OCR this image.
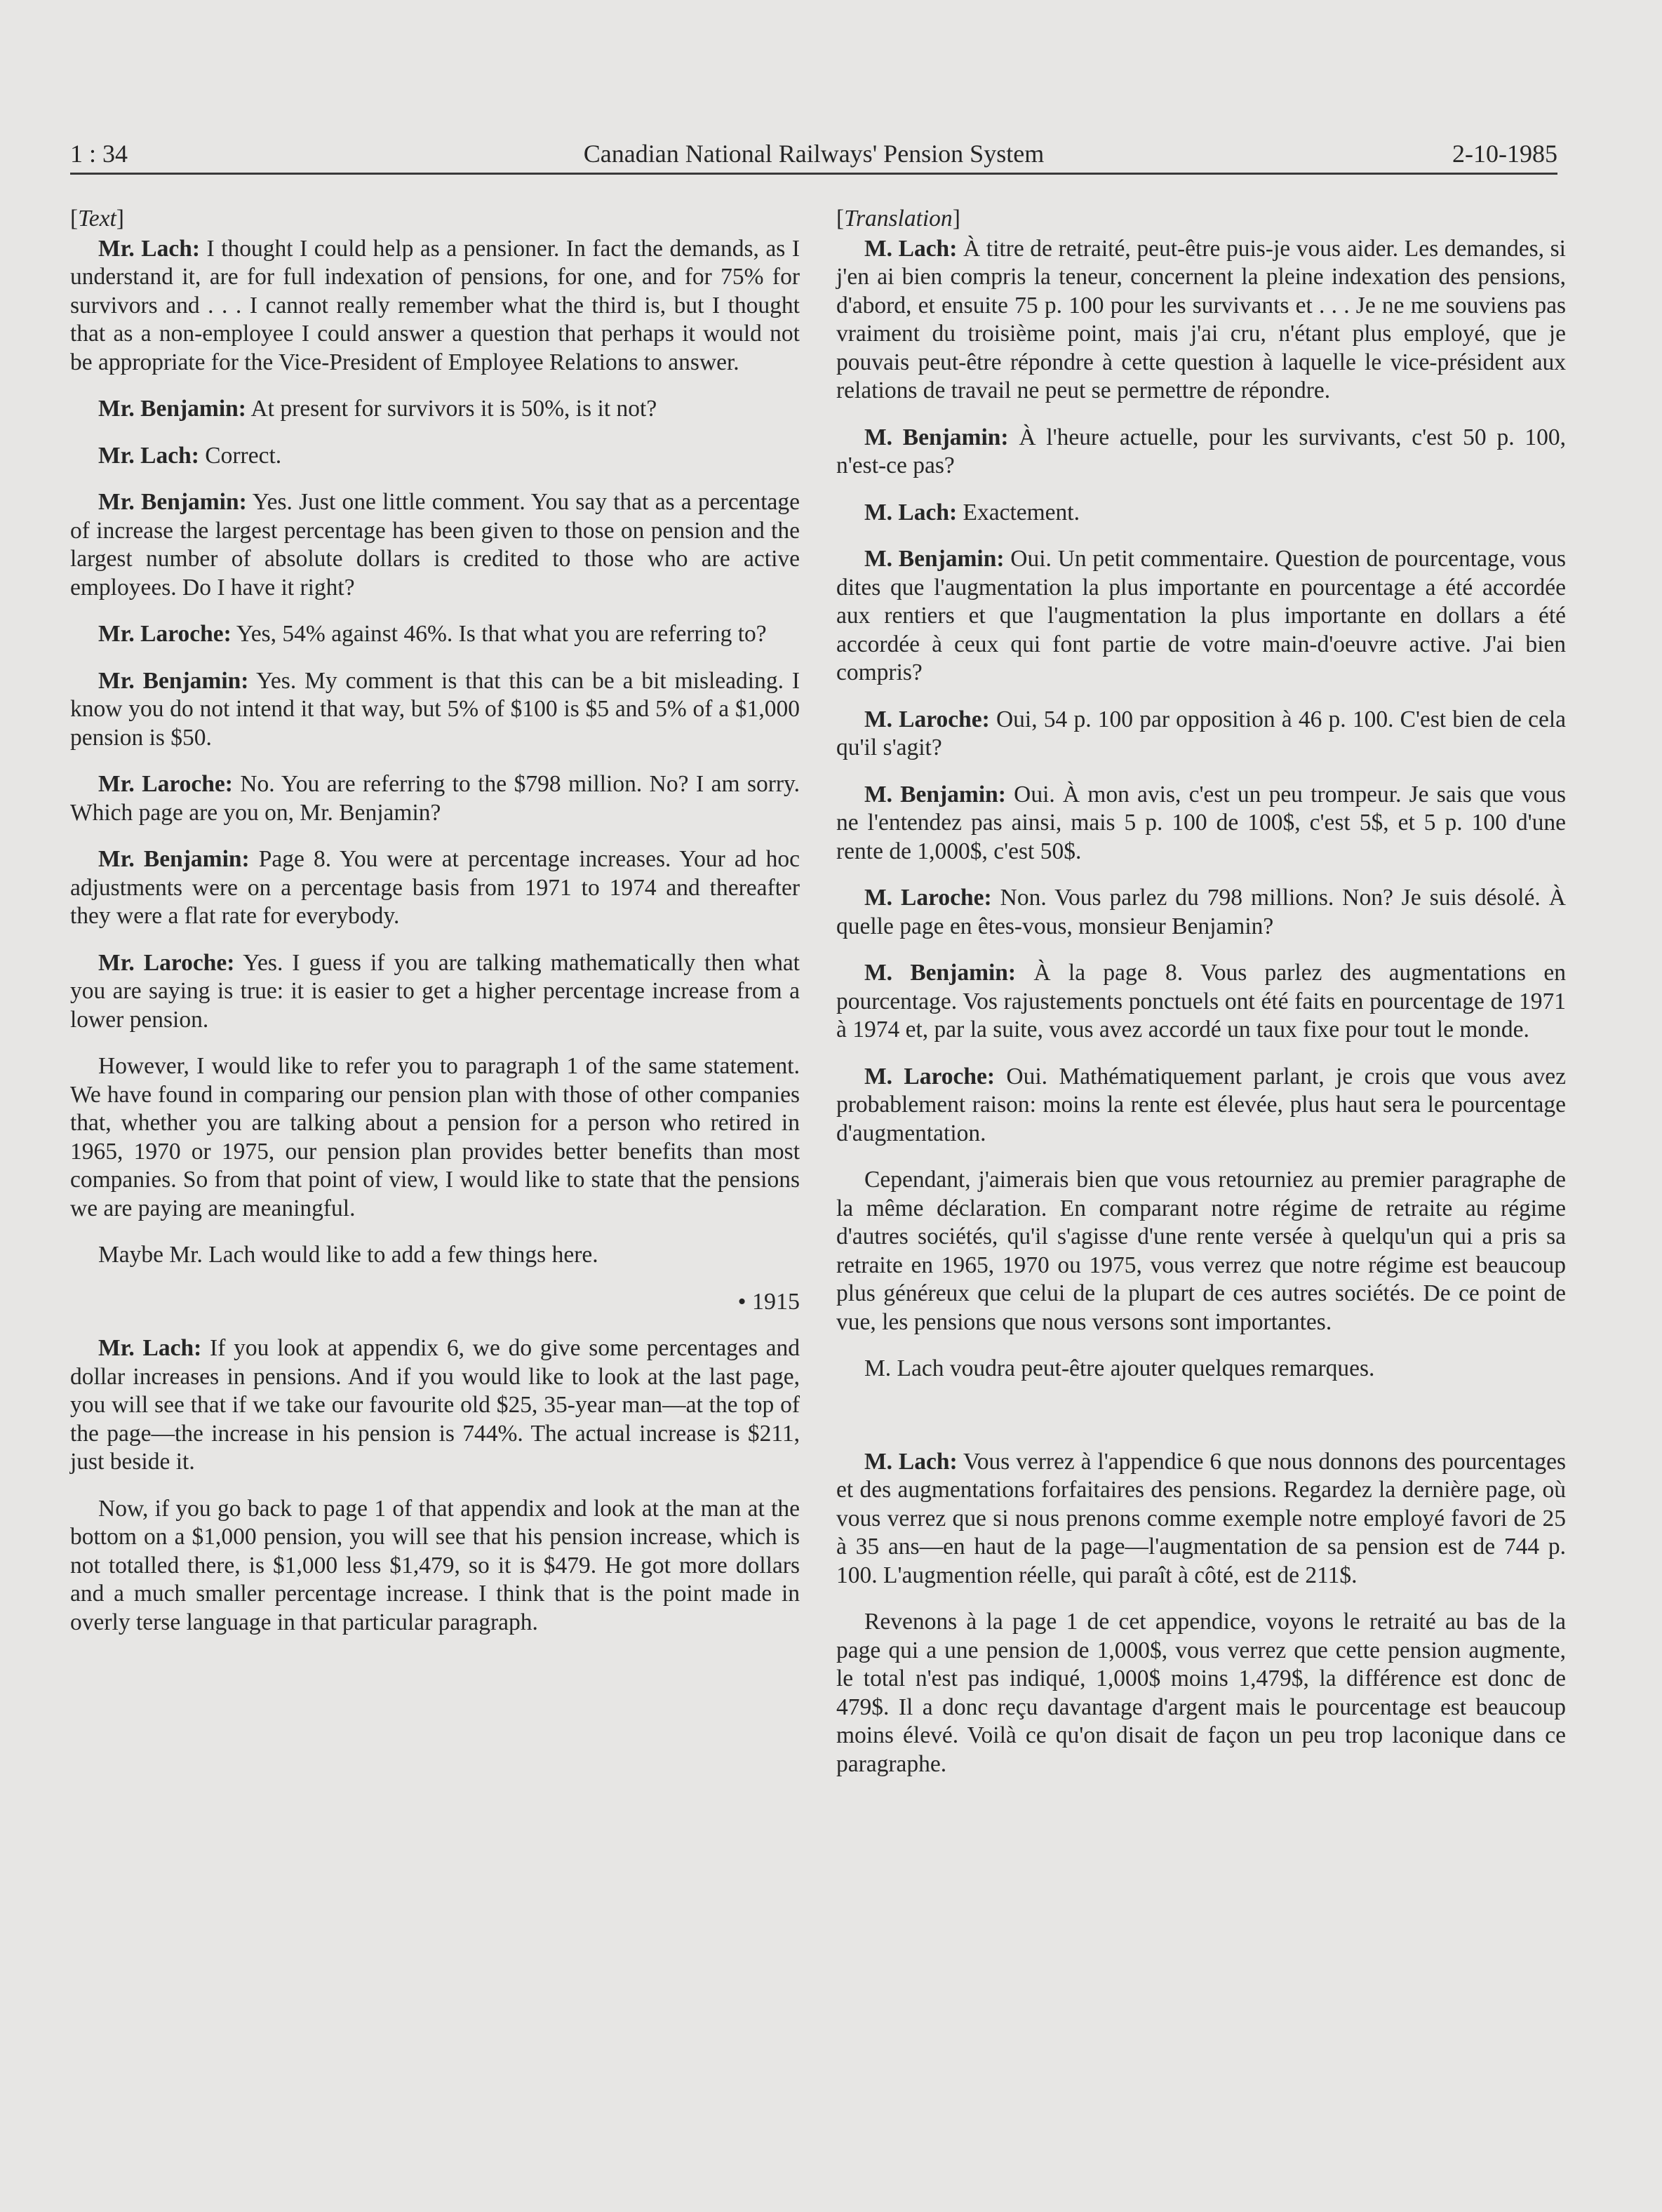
1 : 34	Canadian National Railways' Pension System	2-10-1985
[Text]

Mr. Lach: I thought I could help as a pensioner. In fact the demands, as I understand it, are for full indexation of pensions, for one, and for 75% for survivors and . . . I cannot really remember what the third is, but I thought that as a non-employee I could answer a question that perhaps it would not be appropriate for the Vice-President of Employee Relations to answer.

Mr. Benjamin: At present for survivors it is 50%, is it not?

Mr. Lach: Correct.

Mr. Benjamin: Yes. Just one little comment. You say that as a percentage of increase the largest percentage has been given to those on pension and the largest number of absolute dollars is credited to those who are active employees. Do I have it right?

Mr. Laroche: Yes, 54% against 46%. Is that what you are referring to?

Mr. Benjamin: Yes. My comment is that this can be a bit misleading. I know you do not intend it that way, but 5% of $100 is $5 and 5% of a $1,000 pension is $50.

Mr. Laroche: No. You are referring to the $798 million. No? I am sorry. Which page are you on, Mr. Benjamin?

Mr. Benjamin: Page 8. You were at percentage increases. Your ad hoc adjustments were on a percentage basis from 1971 to 1974 and thereafter they were a flat rate for everybody.

Mr. Laroche: Yes. I guess if you are talking mathematically then what you are saying is true: it is easier to get a higher percentage increase from a lower pension.

However, I would like to refer you to paragraph 1 of the same statement. We have found in comparing our pension plan with those of other companies that, whether you are talking about a pension for a person who retired in 1965, 1970 or 1975, our pension plan provides better benefits than most companies. So from that point of view, I would like to state that the pensions we are paying are meaningful.

Maybe Mr. Lach would like to add a few things here.

• 1915

Mr. Lach: If you look at appendix 6, we do give some percentages and dollar increases in pensions. And if you would like to look at the last page, you will see that if we take our favourite old $25, 35-year man—at the top of the page—the increase in his pension is 744%. The actual increase is $211, just beside it.

Now, if you go back to page 1 of that appendix and look at the man at the bottom on a $1,000 pension, you will see that his pension increase, which is not totalled there, is $1,000 less $1,479, so it is $479. He got more dollars and a much smaller percentage increase. I think that is the point made in overly terse language in that particular paragraph.

[Translation]

M. Lach: À titre de retraité, peut-être puis-je vous aider. Les demandes, si j'en ai bien compris la teneur, concernent la pleine indexation des pensions, d'abord, et ensuite 75 p. 100 pour les survivants et . . . Je ne me souviens pas vraiment du troisième point, mais j'ai cru, n'étant plus employé, que je pouvais peut-être répondre à cette question à laquelle le vice-président aux relations de travail ne peut se permettre de répondre.

M. Benjamin: À l'heure actuelle, pour les survivants, c'est 50 p. 100, n'est-ce pas?

M. Lach: Exactement.

M. Benjamin: Oui. Un petit commentaire. Question de pourcentage, vous dites que l'augmentation la plus importante en pourcentage a été accordée aux rentiers et que l'augmentation la plus importante en dollars a été accordée à ceux qui font partie de votre main-d'oeuvre active. J'ai bien compris?

M. Laroche: Oui, 54 p. 100 par opposition à 46 p. 100. C'est bien de cela qu'il s'agit?

M. Benjamin: Oui. À mon avis, c'est un peu trompeur. Je sais que vous ne l'entendez pas ainsi, mais 5 p. 100 de 100$, c'est 5$, et 5 p. 100 d'une rente de 1,000$, c'est 50$.

M. Laroche: Non. Vous parlez du 798 millions. Non? Je suis désolé. À quelle page en êtes-vous, monsieur Benjamin?

M. Benjamin: À la page 8. Vous parlez des augmentations en pourcentage. Vos rajustements ponctuels ont été faits en pourcentage de 1971 à 1974 et, par la suite, vous avez accordé un taux fixe pour tout le monde.

M. Laroche: Oui. Mathématiquement parlant, je crois que vous avez probablement raison: moins la rente est élevée, plus haut sera le pourcentage d'augmentation.

Cependant, j'aimerais bien que vous retourniez au premier paragraphe de la même déclaration. En comparant notre régime de retraite au régime d'autres sociétés, qu'il s'agisse d'une rente versée à quelqu'un qui a pris sa retraite en 1965, 1970 ou 1975, vous verrez que notre régime est beaucoup plus généreux que celui de la plupart de ces autres sociétés. De ce point de vue, les pensions que nous versons sont importantes.

M. Lach voudra peut-être ajouter quelques remarques.

M. Lach: Vous verrez à l'appendice 6 que nous donnons des pourcentages et des augmentations forfaitaires des pensions. Regardez la dernière page, où vous verrez que si nous prenons comme exemple notre employé favori de 25 à 35 ans—en haut de la page—l'augmentation de sa pension est de 744 p. 100. L'augmention réelle, qui paraît à côté, est de 211$.

Revenons à la page 1 de cet appendice, voyons le retraité au bas de la page qui a une pension de 1,000$, vous verrez que cette pension augmente, le total n'est pas indiqué, 1,000$ moins 1,479$, la différence est donc de 479$. Il a donc reçu davantage d'argent mais le pourcentage est beaucoup moins élevé. Voilà ce qu'on disait de façon un peu trop laconique dans ce paragraphe.
